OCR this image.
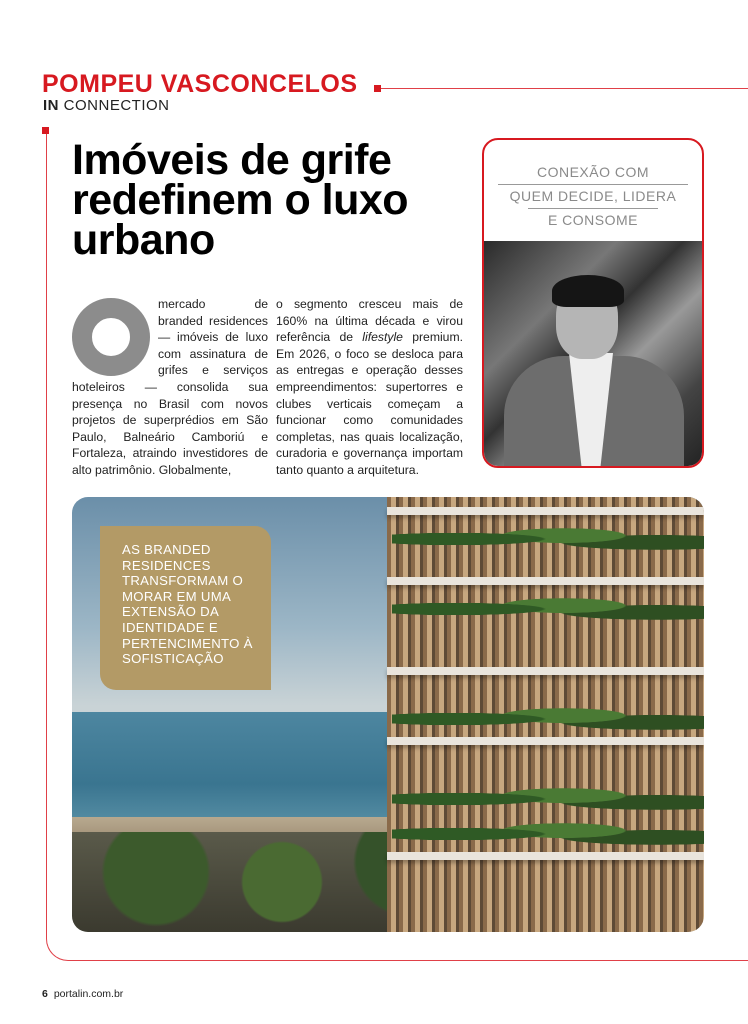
POMPEU VASCONCELOS
IN CONNECTION
Imóveis de grife redefinem o luxo urbano
mercado de branded residences — imóveis de luxo com assinatura de grifes e serviços hoteleiros — consolida sua presença no Brasil com novos projetos de superprédios em São Paulo, Balneário Camboriú e Fortaleza, atraindo investidores de alto patrimônio. Globalmente,
o segmento cresceu mais de 160% na última década e virou referência de lifestyle premium. Em 2026, o foco se desloca para as entregas e operação desses empreendimentos: supertorres e clubes verticais começam a funcionar como comunidades completas, nas quais localização, curadoria e governança importam tanto quanto a arquitetura.
CONEXÃO COM
QUEM DECIDE, LIDERA
E CONSOME
AS BRANDED RESIDENCES TRANSFORMAM O MORAR EM UMA EXTENSÃO DA IDENTIDADE E PERTENCIMENTO À SOFISTICAÇÃO
6 portalin.com.br
